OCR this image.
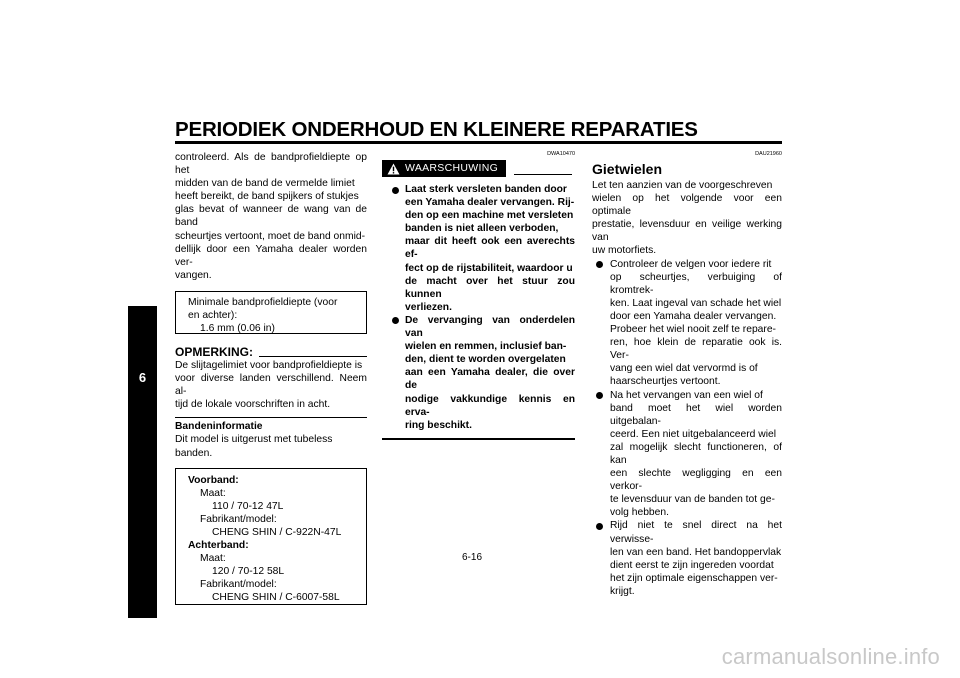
PERIODIEK ONDERHOUD EN KLEINERE REPARATIES
6
controleerd. Als de bandprofieldiepte op het
midden van de band de vermelde limiet
heeft bereikt, de band spijkers of stukjes
glas bevat of wanneer de wang van de band
scheurtjes vertoont, moet de band onmid-
dellijk door een Yamaha dealer worden ver-
vangen.
Minimale bandprofieldiepte (voor
en achter):
1.6 mm (0.06 in)
OPMERKING:
De slijtagelimiet voor bandprofieldiepte is
voor diverse landen verschillend. Neem al-
tijd de lokale voorschriften in acht.
Bandeninformatie
Dit model is uitgerust met tubeless banden.
Voorband:
Maat:
110 / 70-12 47L
Fabrikant/model:
CHENG SHIN / C-922N-47L
Achterband:
Maat:
120 / 70-12 58L
Fabrikant/model:
CHENG SHIN / C-6007-58L
DWA10470
WAARSCHUWING
Laat sterk versleten banden door
een Yamaha dealer vervangen. Rij-
den op een machine met versleten
banden is niet alleen verboden,
maar dit heeft ook een averechts ef-
fect op de rijstabiliteit, waardoor u
de macht over het stuur zou kunnen
verliezen.
De vervanging van onderdelen van
wielen en remmen, inclusief ban-
den, dient te worden overgelaten
aan een Yamaha dealer, die over de
nodige vakkundige kennis en erva-
ring beschikt.
DAU21960
Gietwielen
Let ten aanzien van de voorgeschreven
wielen op het volgende voor een optimale
prestatie, levensduur en veilige werking van
uw motorfiets.
Controleer de velgen voor iedere rit
op scheurtjes, verbuiging of kromtrek-
ken. Laat ingeval van schade het wiel
door een Yamaha dealer vervangen.
Probeer het wiel nooit zelf te repare-
ren, hoe klein de reparatie ook is. Ver-
vang een wiel dat vervormd is of
haarscheurtjes vertoont.
Na het vervangen van een wiel of
band moet het wiel worden uitgebalan-
ceerd. Een niet uitgebalanceerd wiel
zal mogelijk slecht functioneren, of kan
een slechte wegligging en een verkor-
te levensduur van de banden tot ge-
volg hebben.
Rijd niet te snel direct na het verwisse-
len van een band. Het bandoppervlak
dient eerst te zijn ingereden voordat
het zijn optimale eigenschappen ver-
krijgt.
6-16
carmanualsonline.info
